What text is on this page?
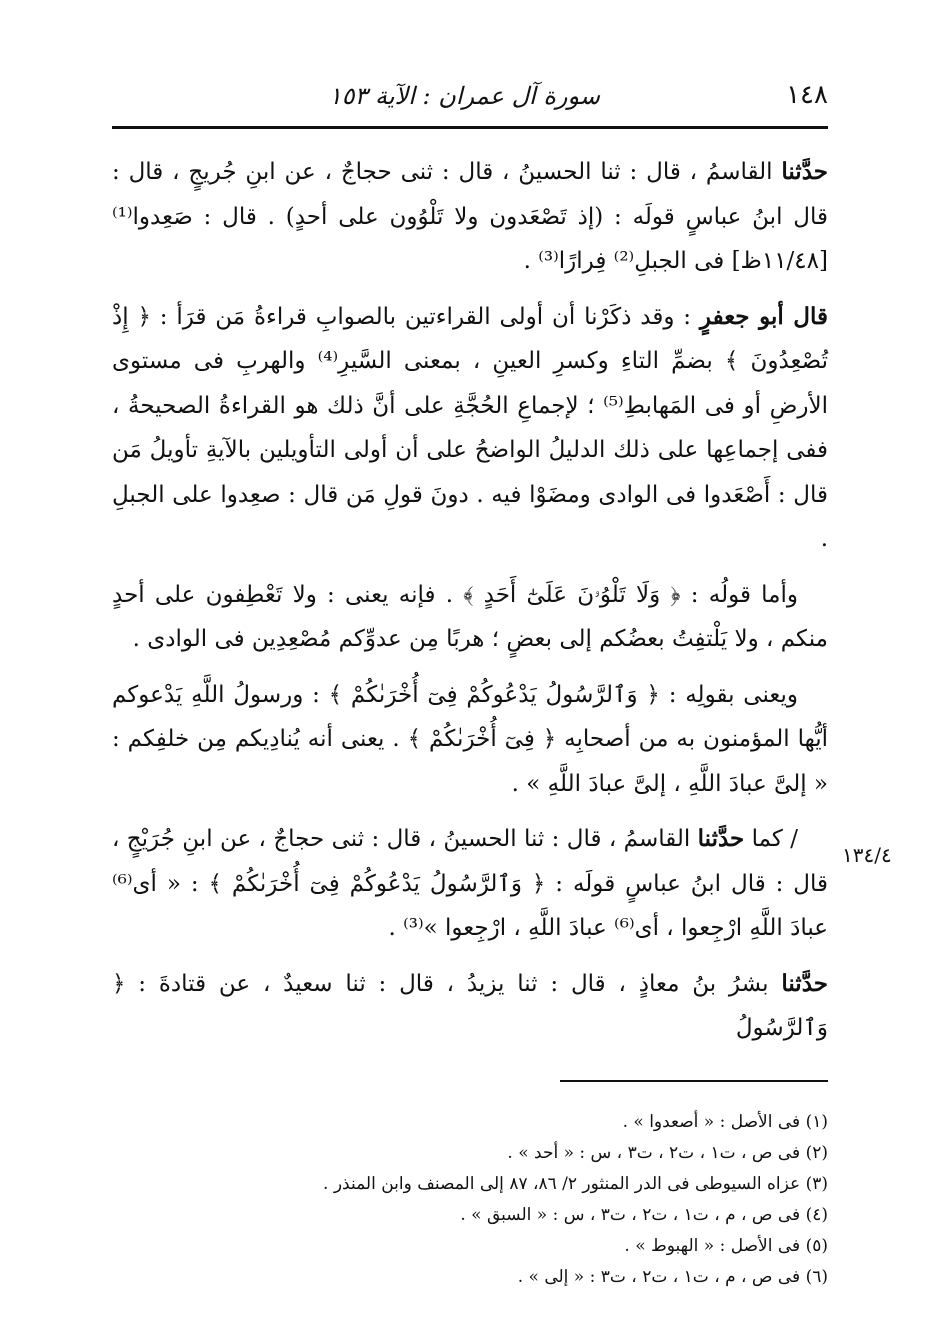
١٤٨
سورة آل عمران : الآية ١٥٣

حدَّثنا القاسمُ ، قال : ثنا الحسينُ ، قال : ثنى حجاجٌ ، عن ابنِ جُريجٍ ، قال : قال ابنُ عباسٍ قولَه : (إذ تَصْعَدون ولا تَلْوُون على أحدٍ) . قال : صَعِدوا⁽¹⁾ [١١/٤٨ظ] فى الجبلِ⁽²⁾ فِرارًا⁽³⁾ .

قال أبو جعفرٍ : وقد ذكَرْنا أن أولى القراءتين بالصوابِ قراءةُ مَن قرَأ : ﴿ إِذْ تُصْعِدُونَ ﴾ بضمِّ التاءِ وكسرِ العينِ ، بمعنى السَّيرِ⁽⁴⁾ والهربِ فى مستوى الأرضِ أو فى المَهابطِ⁽⁵⁾ ؛ لإجماعِ الحُجَّةِ على أنَّ ذلك هو القراءةُ الصحيحةُ ، ففى إجماعِها على ذلك الدليلُ الواضحُ على أن أولى التأويلين بالآيةِ تأويلُ مَن قال : أَصْعَدوا فى الوادى ومضَوْا فيه . دونَ قولِ مَن قال : صعِدوا على الجبلِ .

وأما قولُه : ﴿ وَلَا تَلْوُۥنَ عَلَىٰٓ أَحَدٍ ﴾ . فإنه يعنى : ولا تَعْطِفون على أحدٍ منكم ، ولا يَلْتفِتُ بعضُكم إلى بعضٍ ؛ هربًا مِن عدوِّكم مُصْعِدِين فى الوادى .

ويعنى بقولِه : ﴿ وَٱلرَّسُولُ يَدْعُوكُمْ فِىٓ أُخْرَىٰكُمْ ﴾ : ورسولُ اللَّهِ يَدْعوكم أيُّها المؤمنون به من أصحابِه ﴿ فِىٓ أُخْرَىٰكُمْ ﴾ . يعنى أنه يُنادِيكم مِن خلفِكم : « إلىَّ عبادَ اللَّهِ ، إلىَّ عبادَ اللَّهِ » .

/ كما حدَّثنا القاسمُ ، قال : ثنا الحسينُ ، قال : ثنى حجاجٌ ، عن ابنِ جُرَيْجٍ ، قال : قال ابنُ عباسٍ قولَه : ﴿ وَٱلرَّسُولُ يَدْعُوكُمْ فِىٓ أُخْرَىٰكُمْ ﴾ : « أى⁽⁶⁾ عبادَ اللَّهِ ارْجِعوا ، أى⁽⁶⁾ عبادَ اللَّهِ ، ارْجِعوا »⁽³⁾ .

حدَّثنا بشرُ بنُ معاذٍ ، قال : ثنا يزيدُ ، قال : ثنا سعيدٌ ، عن قتادةَ : ﴿ وَٱلرَّسُولُ

١٣٤/٤

(١) فى الأصل : « أصعدوا » .

(٢) فى ص ، ت١ ، ت٢ ، ت٣ ، س : « أحد » .

(٣) عزاه السيوطى فى الدر المنثور ٢/ ٨٦، ٨٧ إلى المصنف وابن المنذر .

(٤) فى ص ، م ، ت١ ، ت٢ ، ت٣ ، س : « السبق » .

(٥) فى الأصل : « الهبوط » .

(٦) فى ص ، م ، ت١ ، ت٢ ، ت٣ : « إلى » .
